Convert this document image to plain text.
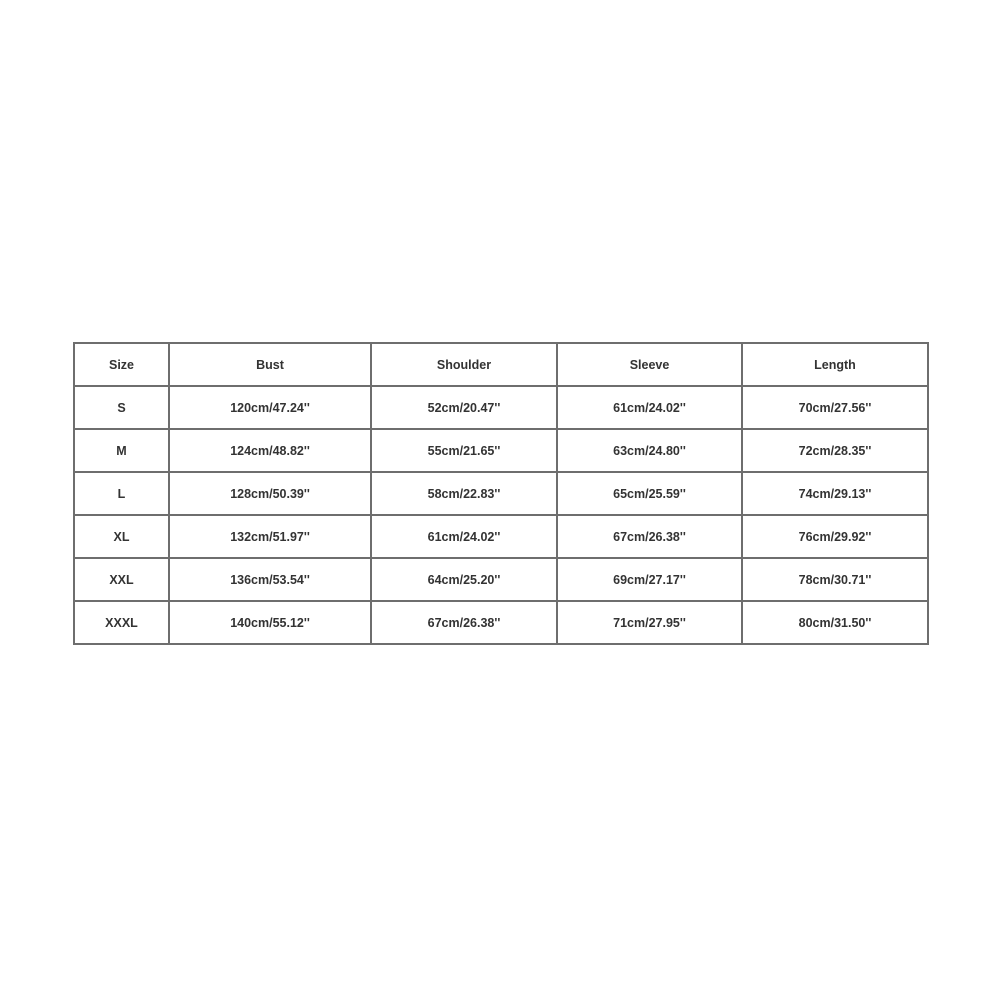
Size	Bust	Shoulder	Sleeve	Length
S	120cm/47.24''	52cm/20.47''	61cm/24.02''	70cm/27.56''
M	124cm/48.82''	55cm/21.65''	63cm/24.80''	72cm/28.35''
L	128cm/50.39''	58cm/22.83''	65cm/25.59''	74cm/29.13''
XL	132cm/51.97''	61cm/24.02''	67cm/26.38''	76cm/29.92''
XXL	136cm/53.54''	64cm/25.20''	69cm/27.17''	78cm/30.71''
XXXL	140cm/55.12''	67cm/26.38''	71cm/27.95''	80cm/31.50''
